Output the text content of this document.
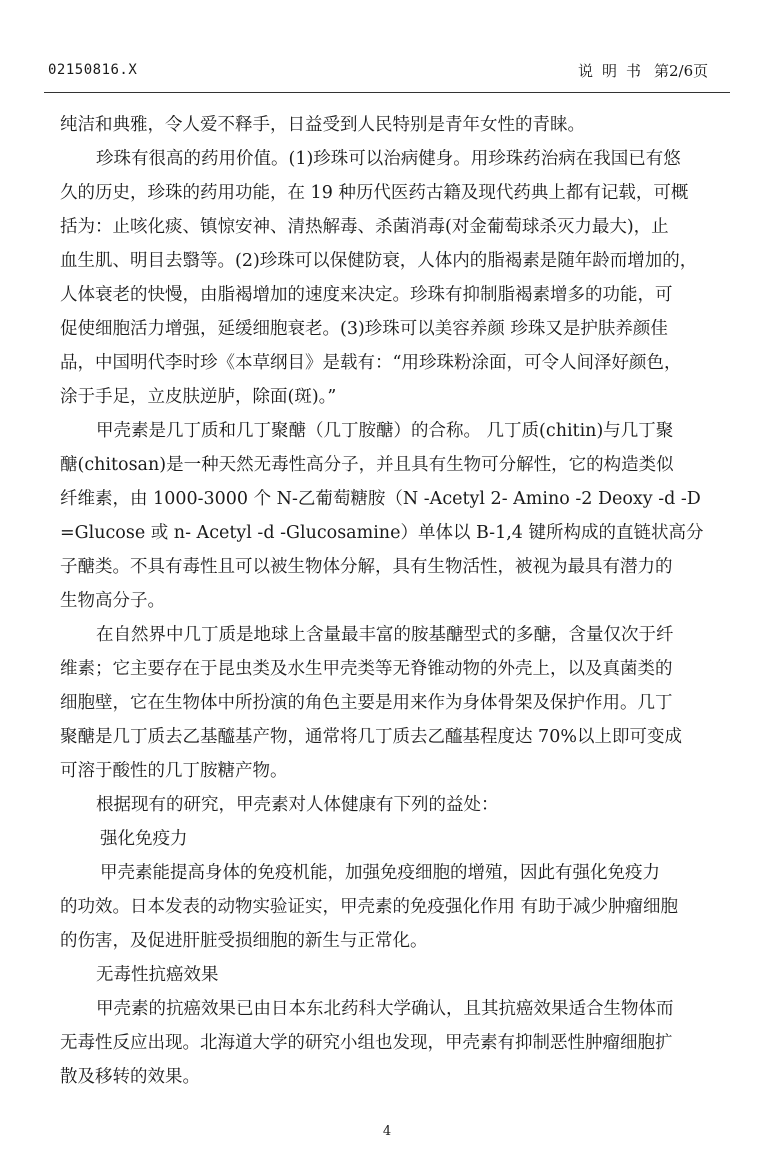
02150816.X	说明书 第2/6页
纯洁和典雅，令人爱不释手，日益受到人民特别是青年女性的青睐。
珍珠有很高的药用价值。(1)珍珠可以治病健身。用珍珠药治病在我国已有悠
久的历史，珍珠的药用功能，在 19 种历代医药古籍及现代药典上都有记载，可概
括为：止咳化痰、镇惊安神、清热解毒、杀菌消毒(对金葡萄球杀灭力最大)，止
血生肌、明目去翳等。(2)珍珠可以保健防衰，人体内的脂褐素是随年龄而增加的，
人体衰老的快慢，由脂褐增加的速度来决定。珍珠有抑制脂褐素增多的功能，可
促使细胞活力增强，延缓细胞衰老。(3)珍珠可以美容养颜 珍珠又是护肤养颜佳
品，中国明代李时珍《本草纲目》是载有：“用珍珠粉涂面，可令人间泽好颜色，
涂于手足，立皮肤逆胪，除面(斑)。”
甲壳素是几丁质和几丁聚醣（几丁胺醣）的合称。 几丁质(chitin)与几丁聚
醣(chitosan)是一种天然无毒性高分子，并且具有生物可分解性，它的构造类似
纤维素，由 1000-3000 个 N-乙葡萄糖胺（N -Acetyl 2- Amino -2 Deoxy -d -D
=Glucose 或 n- Acetyl -d -Glucosamine）单体以 B-1,4 键所构成的直链状高分
子醣类。不具有毒性且可以被生物体分解，具有生物活性，被视为最具有潜力的
生物高分子。
在自然界中几丁质是地球上含量最丰富的胺基醣型式的多醣，含量仅次于纤
维素；它主要存在于昆虫类及水生甲壳类等无脊锥动物的外壳上，以及真菌类的
细胞壁，它在生物体中所扮演的角色主要是用来作为身体骨架及保护作用。几丁
聚醣是几丁质去乙基醯基产物，通常将几丁质去乙醯基程度达 70%以上即可变成
可溶于酸性的几丁胺糖产物。
根据现有的研究，甲壳素对人体健康有下列的益处：
强化免疫力
甲壳素能提高身体的免疫机能，加强免疫细胞的增殖，因此有强化免疫力
的功效。日本发表的动物实验证实，甲壳素的免疫强化作用 有助于减少肿瘤细胞
的伤害，及促进肝脏受损细胞的新生与正常化。
无毒性抗癌效果
甲壳素的抗癌效果已由日本东北药科大学确认，且其抗癌效果适合生物体而
无毒性反应出现。北海道大学的研究小组也发现，甲壳素有抑制恶性肿瘤细胞扩
散及移转的效果。
4
